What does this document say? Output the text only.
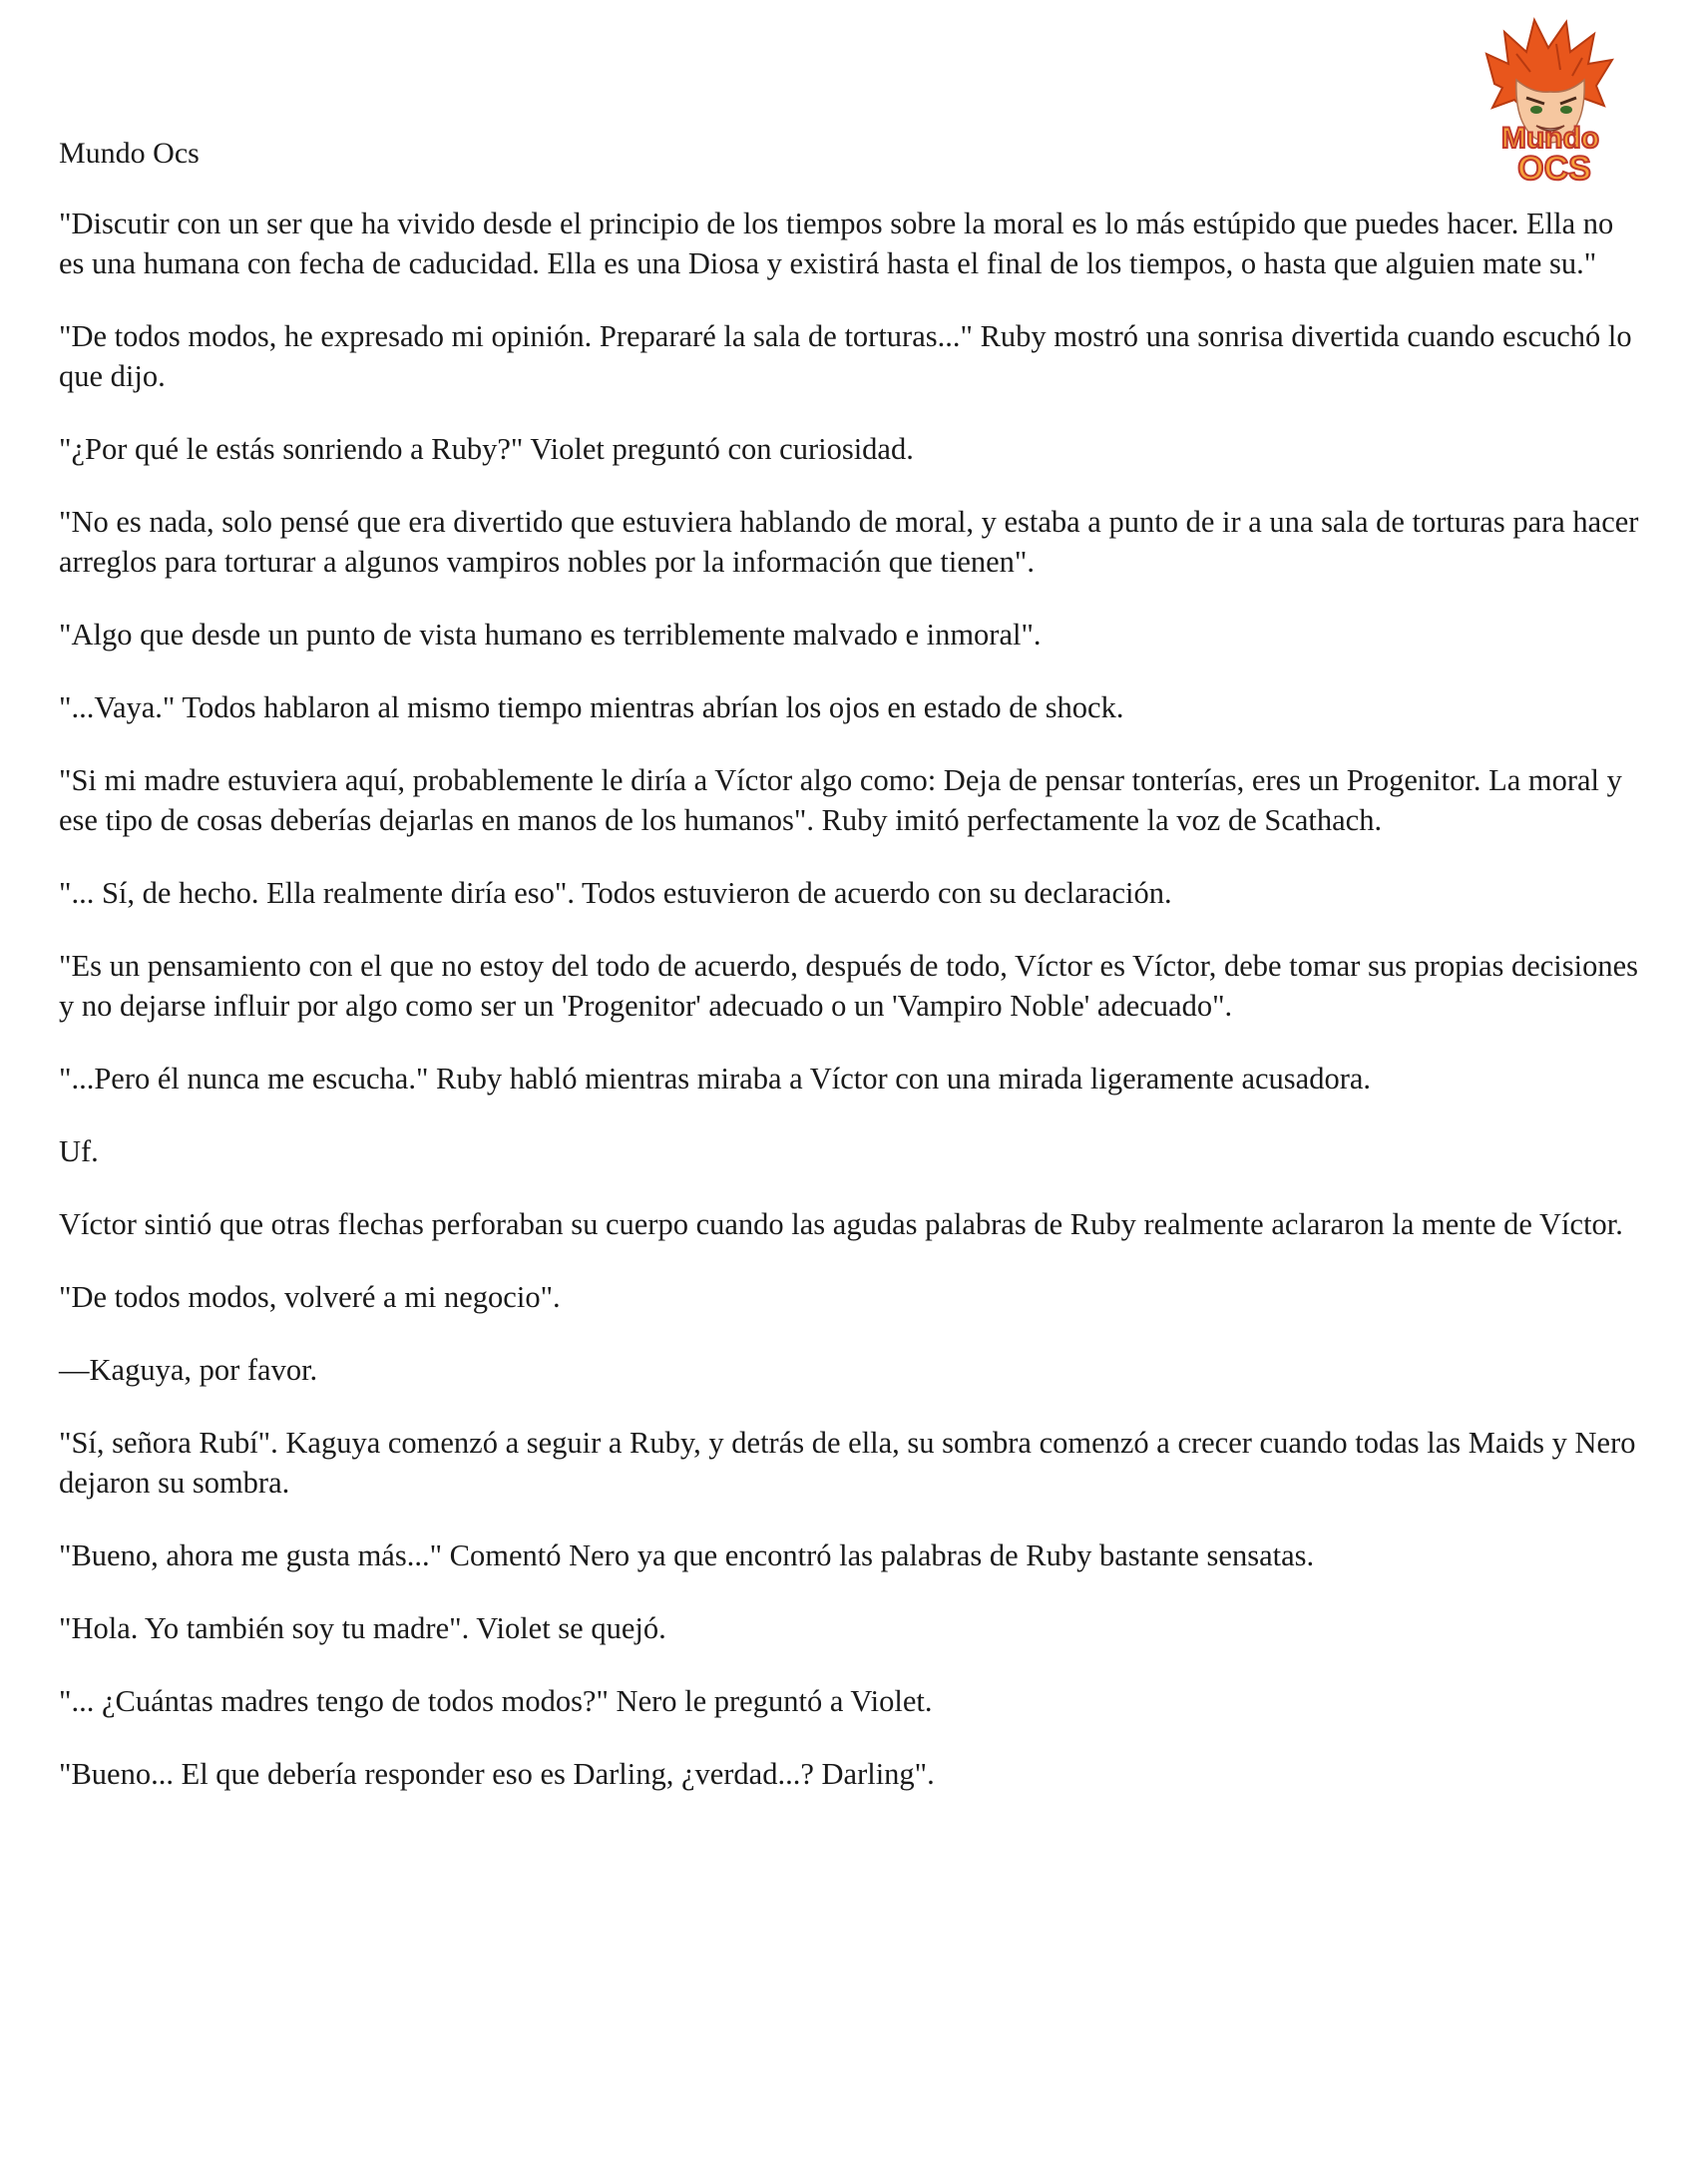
Mundo Ocs	Mundo
OCS

"Discutir con un ser que ha vivido desde el principio de los tiempos sobre la moral es lo más estúpido que puedes hacer. Ella no es una humana con fecha de caducidad. Ella es una Diosa y existirá hasta el final de los tiempos, o hasta que alguien mate su."

"De todos modos, he expresado mi opinión. Prepararé la sala de torturas..." Ruby mostró una sonrisa divertida cuando escuchó lo que dijo.

"¿Por qué le estás sonriendo a Ruby?" Violet preguntó con curiosidad.

"No es nada, solo pensé que era divertido que estuviera hablando de moral, y estaba a punto de ir a una sala de torturas para hacer arreglos para torturar a algunos vampiros nobles por la información que tienen".

"Algo que desde un punto de vista humano es terriblemente malvado e inmoral".

"...Vaya." Todos hablaron al mismo tiempo mientras abrían los ojos en estado de shock.

"Si mi madre estuviera aquí, probablemente le diría a Víctor algo como: Deja de pensar tonterías, eres un Progenitor. La moral y ese tipo de cosas deberías dejarlas en manos de los humanos". Ruby imitó perfectamente la voz de Scathach.

"... Sí, de hecho. Ella realmente diría eso". Todos estuvieron de acuerdo con su declaración.

"Es un pensamiento con el que no estoy del todo de acuerdo, después de todo, Víctor es Víctor, debe tomar sus propias decisiones y no dejarse influir por algo como ser un 'Progenitor' adecuado o un 'Vampiro Noble' adecuado".

"...Pero él nunca me escucha." Ruby habló mientras miraba a Víctor con una mirada ligeramente acusadora.

Uf.

Víctor sintió que otras flechas perforaban su cuerpo cuando las agudas palabras de Ruby realmente aclararon la mente de Víctor.

"De todos modos, volveré a mi negocio".

—Kaguya, por favor.

"Sí, señora Rubí". Kaguya comenzó a seguir a Ruby, y detrás de ella, su sombra comenzó a crecer cuando todas las Maids y Nero dejaron su sombra.

"Bueno, ahora me gusta más..." Comentó Nero ya que encontró las palabras de Ruby bastante sensatas.

"Hola. Yo también soy tu madre". Violet se quejó.

"... ¿Cuántas madres tengo de todos modos?" Nero le preguntó a Violet.

"Bueno... El que debería responder eso es Darling, ¿verdad...? Darling".
